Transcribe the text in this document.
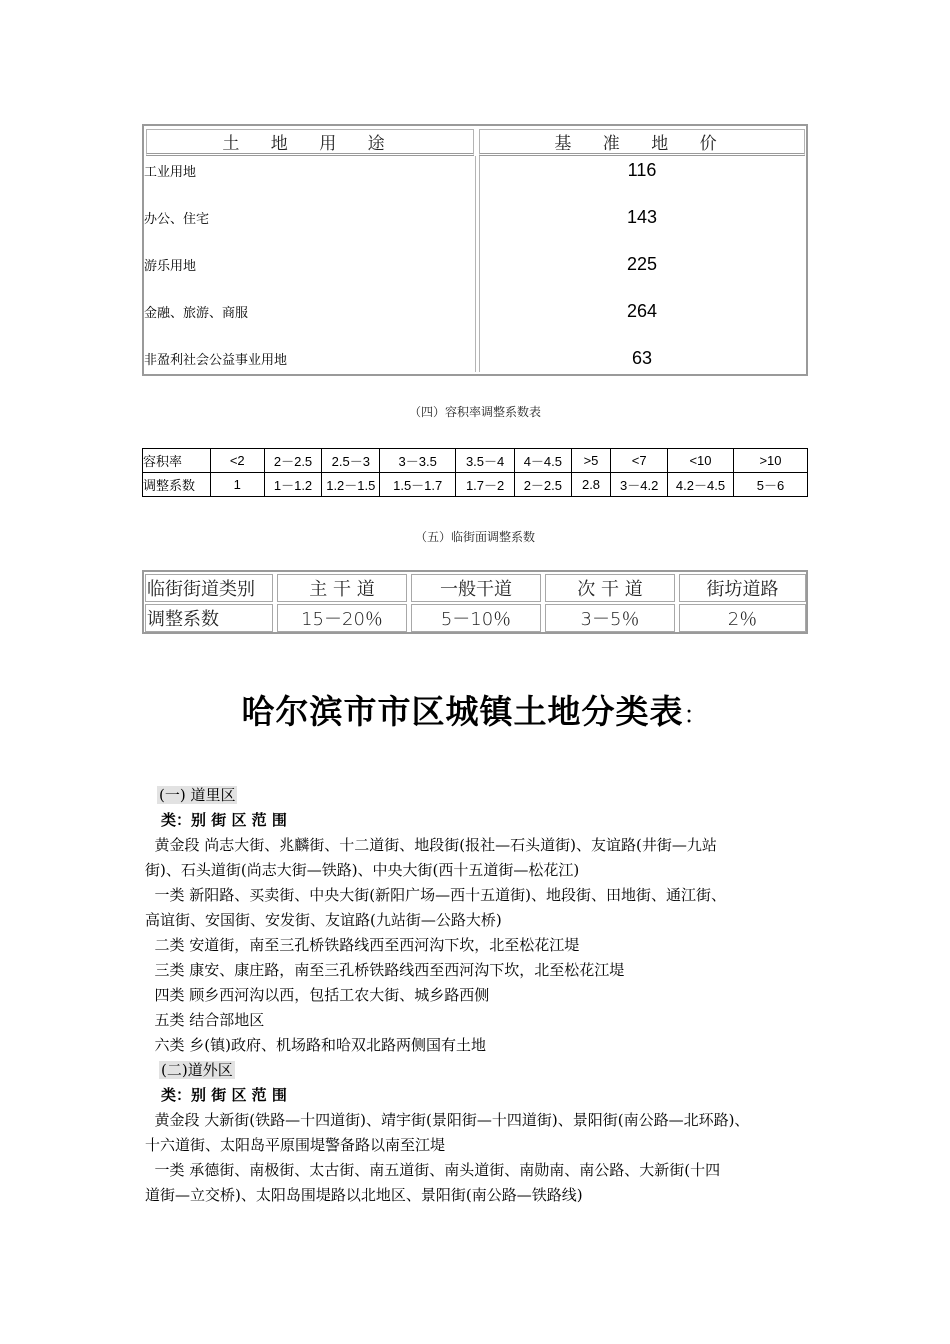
土 地 用 途	基 准 地 价
工业用地	116
办公、住宅	143
游乐用地	225
金融、旅游、商服	264
非盈利社会公益事业用地	63
（四）容积率调整系数表
容积率	<2	2－2.5	2.5－3	3－3.5	3.5－4	4－4.5	>5	<7	<10	>10
调整系数	1	1－1.2	1.2－1.5	1.5－1.7	1.7－2	2－2.5	2.8	3－4.2	4.2－4.5	5－6
（五）临街面调整系数
临街街道类别	主 干 道	一般干道	次 干 道	街坊道路
调整系数	15－20％	5－10％	3－5％	2％
哈尔滨市市区城镇土地分类表：
(一) 道里区
类：别 街 区 范 围
黄金段 尚志大街、兆麟街、十二道街、地段街(报社—石头道街)、友谊路(井街—九站
街)、石头道街(尚志大街—铁路)、中央大街(西十五道街—松花江)
一类 新阳路、买卖街、中央大街(新阳广场—西十五道街)、地段街、田地街、通江街、
高谊街、安国街、安发街、友谊路(九站街—公路大桥)
二类 安道街，南至三孔桥铁路线西至西河沟下坎，北至松花江堤
三类 康安、康庄路，南至三孔桥铁路线西至西河沟下坎，北至松花江堤
四类 顾乡西河沟以西，包括工农大街、城乡路西侧
五类 结合部地区
六类 乡(镇)政府、机场路和哈双北路两侧国有土地
(二)道外区
类：别 街 区 范 围
黄金段 大新街(铁路—十四道街)、靖宇街(景阳街—十四道街)、景阳街(南公路—北环路)、
十六道街、太阳岛平原围堤警备路以南至江堤
一类 承德街、南极街、太古街、南五道街、南头道街、南勋南、南公路、大新街(十四
道街—立交桥)、太阳岛围堤路以北地区、景阳街(南公路—铁路线)
